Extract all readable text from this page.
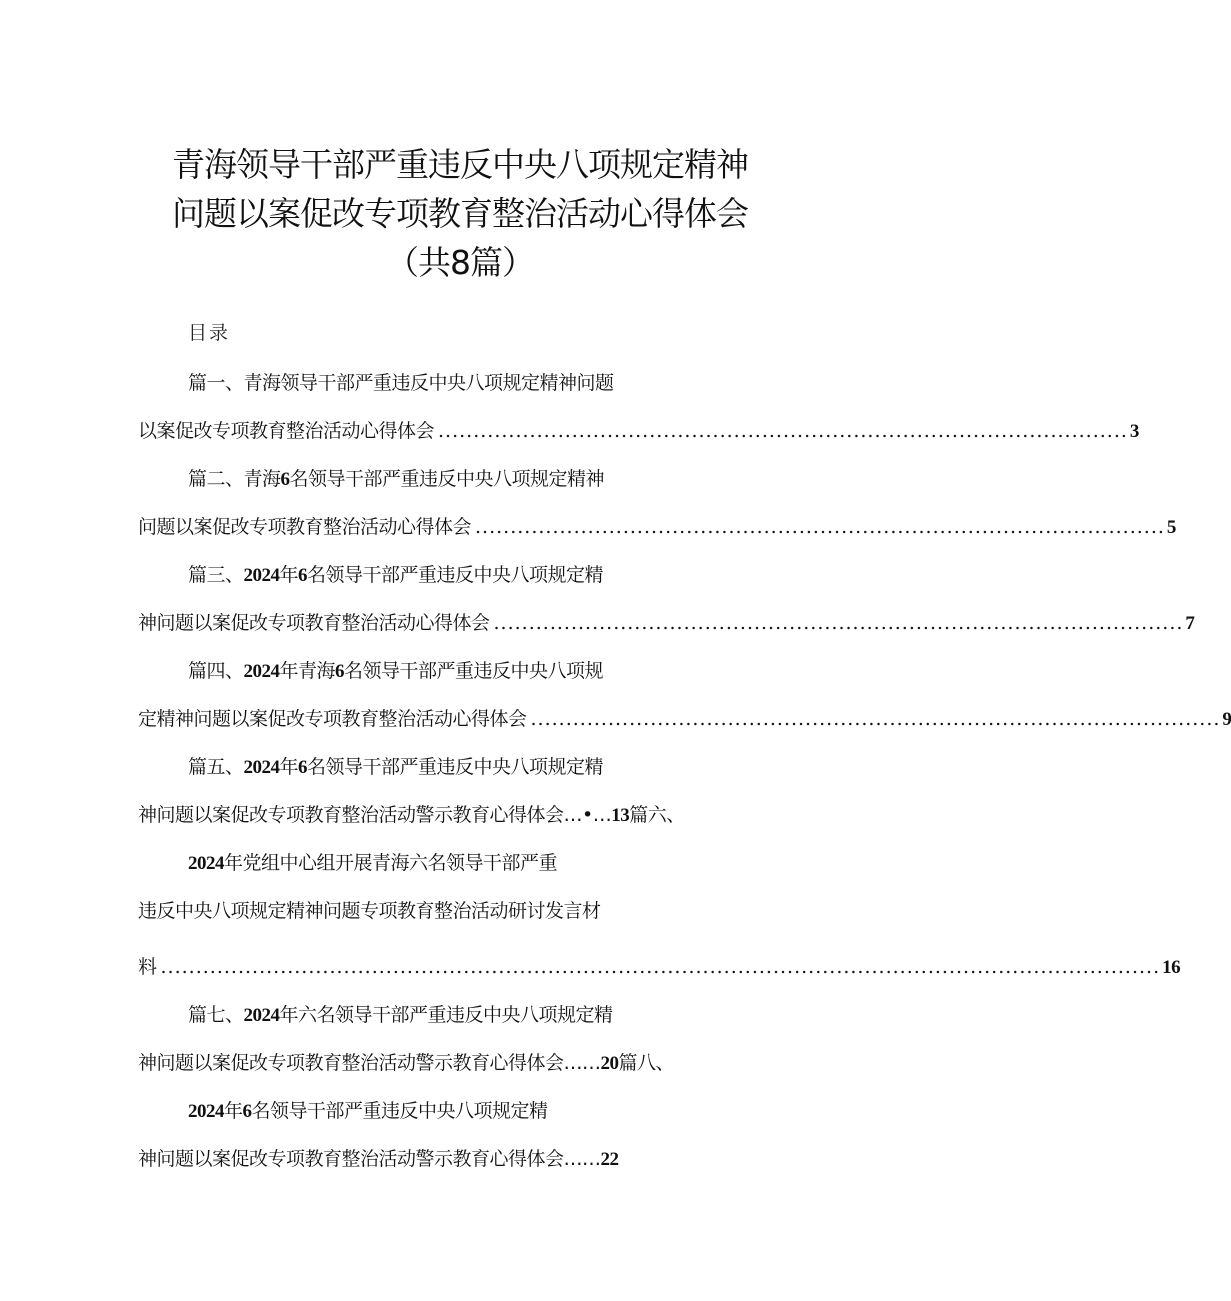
青海领导干部严重违反中央八项规定精神
问题以案促改专项教育整治活动心得体会
（共8篇）
目录
篇一、青海领导干部严重违反中央八项规定精神问题
以案促改专项教育整治活动心得体会 .................................................................................................. 3
篇二、青海6名领导干部严重违反中央八项规定精神
问题以案促改专项教育整治活动心得体会 .................................................................................................. 5
篇三、2024年6名领导干部严重违反中央八项规定精
神问题以案促改专项教育整治活动心得体会 .................................................................................................. 7
篇四、2024年青海6名领导干部严重违反中央八项规
定精神问题以案促改专项教育整治活动心得体会 .................................................................................................. 9
篇五、2024年6名领导干部严重违反中央八项规定精
神问题以案促改专项教育整治活动警示教育心得体会…•…13篇六、
2024年党组中心组开展青海六名领导干部严重
违反中央八项规定精神问题专项教育整治活动研讨发言材
料 .............................................................................................................................................. 16
篇七、2024年六名领导干部严重违反中央八项规定精
神问题以案促改专项教育整治活动警示教育心得体会……20篇八、
2024年6名领导干部严重违反中央八项规定精
神问题以案促改专项教育整治活动警示教育心得体会……22
